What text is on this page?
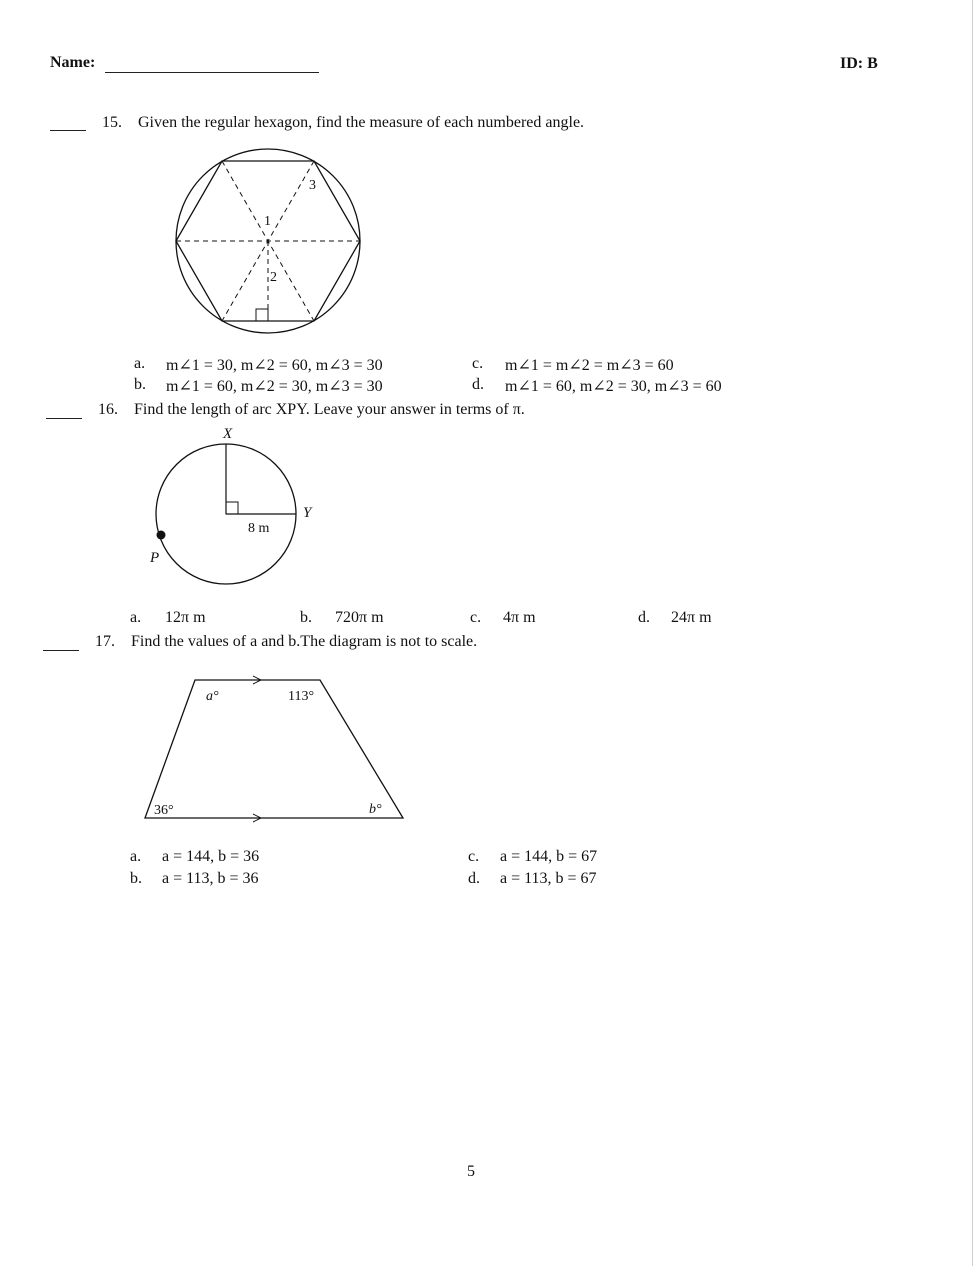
Name:	ID: B
15. Given the regular hexagon, find the measure of each numbered angle.
1
2
3
a. m∠1 = 30, m∠2 = 60, m∠3 = 30
b. m∠1 = 60, m∠2 = 30, m∠3 = 30
c. m∠1 = m∠2 = m∠3 = 60
d. m∠1 = 60, m∠2 = 30, m∠3 = 60
16. Find the length of arc XPY. Leave your answer in terms of π.
X
Y
P
8 m
a. 12π m	b. 720π m	c. 4π m	d. 24π m
17. Find the values of a and b.The diagram is not to scale.
a°	113°
36°	b°
a. a = 144, b = 36
b. a = 113, b = 36
c. a = 144, b = 67
d. a = 113, b = 67
5
